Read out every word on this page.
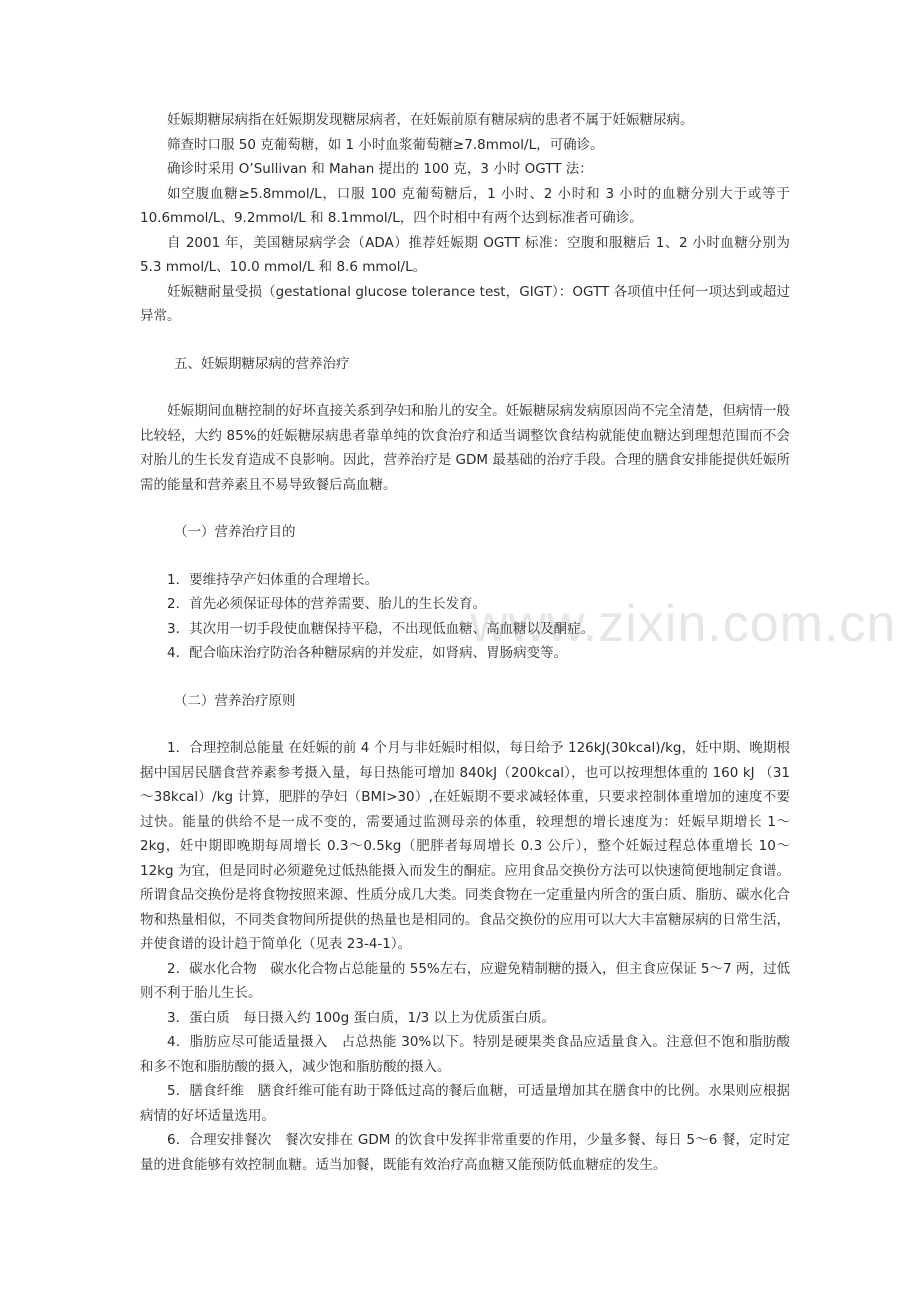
www.zixin.com.cn

妊娠期糖尿病指在妊娠期发现糖尿病者，在妊娠前原有糖尿病的患者不属于妊娠糖尿病。

筛查时口服 50 克葡萄糖，如 1 小时血浆葡萄糖≥7.8mmol/L，可确诊。

确诊时采用 O’Sullivan 和 Mahan 提出的 100 克，3 小时 OGTT 法：

如空腹血糖≥5.8mmol/L，口服 100 克葡萄糖后，1 小时、2 小时和 3 小时的血糖分别大于或等于 10.6mmol/L、9.2mmol/L 和 8.1mmol/L，四个时相中有两个达到标准者可确诊。

自 2001 年，美国糖尿病学会（ADA）推荐妊娠期 OGTT 标准：空腹和服糖后 1、2 小时血糖分别为 5.3 mmol/L、10.0 mmol/L 和 8.6 mmol/L。

妊娠糖耐量受损（gestational glucose tolerance test，GIGT）：OGTT 各项值中任何一项达到或超过异常。

五、妊娠期糖尿病的营养治疗

妊娠期间血糖控制的好坏直接关系到孕妇和胎儿的安全。妊娠糖尿病发病原因尚不完全清楚，但病情一般比较轻，大约 85%的妊娠糖尿病患者靠单纯的饮食治疗和适当调整饮食结构就能使血糖达到理想范围而不会对胎儿的生长发育造成不良影响。因此，营养治疗是 GDM 最基础的治疗手段。合理的膳食安排能提供妊娠所需的能量和营养素且不易导致餐后高血糖。

（一）营养治疗目的

1．要维持孕产妇体重的合理增长。

2．首先必须保证母体的营养需要、胎儿的生长发育。

3．其次用一切手段使血糖保持平稳，不出现低血糖、高血糖以及酮症。

4．配合临床治疗防治各种糖尿病的并发症，如肾病、胃肠病变等。

（二）营养治疗原则

1．合理控制总能量 在妊娠的前 4 个月与非妊娠时相似，每日给予 126kJ(30kcal)/kg，妊中期、晚期根据中国居民膳食营养素参考摄入量，每日热能可增加 840kJ（200kcal），也可以按理想体重的 160 kJ （31～38kcal）/kg 计算，肥胖的孕妇（BMI>30）,在妊娠期不要求减轻体重，只要求控制体重增加的速度不要过快。能量的供给不是一成不变的，需要通过监测母亲的体重，较理想的增长速度为：妊娠早期增长 1～2kg，妊中期即晚期每周增长 0.3～0.5kg（肥胖者每周增长 0.3 公斤），整个妊娠过程总体重增长 10～12kg 为宜，但是同时必须避免过低热能摄入而发生的酮症。应用食品交换份方法可以快速简便地制定食谱。所谓食品交换份是将食物按照来源、性质分成几大类。同类食物在一定重量内所含的蛋白质、脂肪、碳水化合物和热量相似，不同类食物间所提供的热量也是相同的。食品交换份的应用可以大大丰富糖尿病的日常生活，并使食谱的设计趋于简单化（见表 23-4-1）。

2．碳水化合物　碳水化合物占总能量的 55%左右，应避免精制糖的摄入，但主食应保证 5～7 两，过低则不利于胎儿生长。

3．蛋白质　每日摄入约 100g 蛋白质，1/3 以上为优质蛋白质。

4．脂肪应尽可能适量摄入　占总热能 30%以下。特别是硬果类食品应适量食入。注意但不饱和脂肪酸和多不饱和脂肪酸的摄入，减少饱和脂肪酸的摄入。

5．膳食纤维　膳食纤维可能有助于降低过高的餐后血糖，可适量增加其在膳食中的比例。水果则应根据病情的好坏适量选用。

6．合理安排餐次　餐次安排在 GDM 的饮食中发挥非常重要的作用，少量多餐、每日 5～6 餐，定时定量的进食能够有效控制血糖。适当加餐，既能有效治疗高血糖又能预防低血糖症的发生。
